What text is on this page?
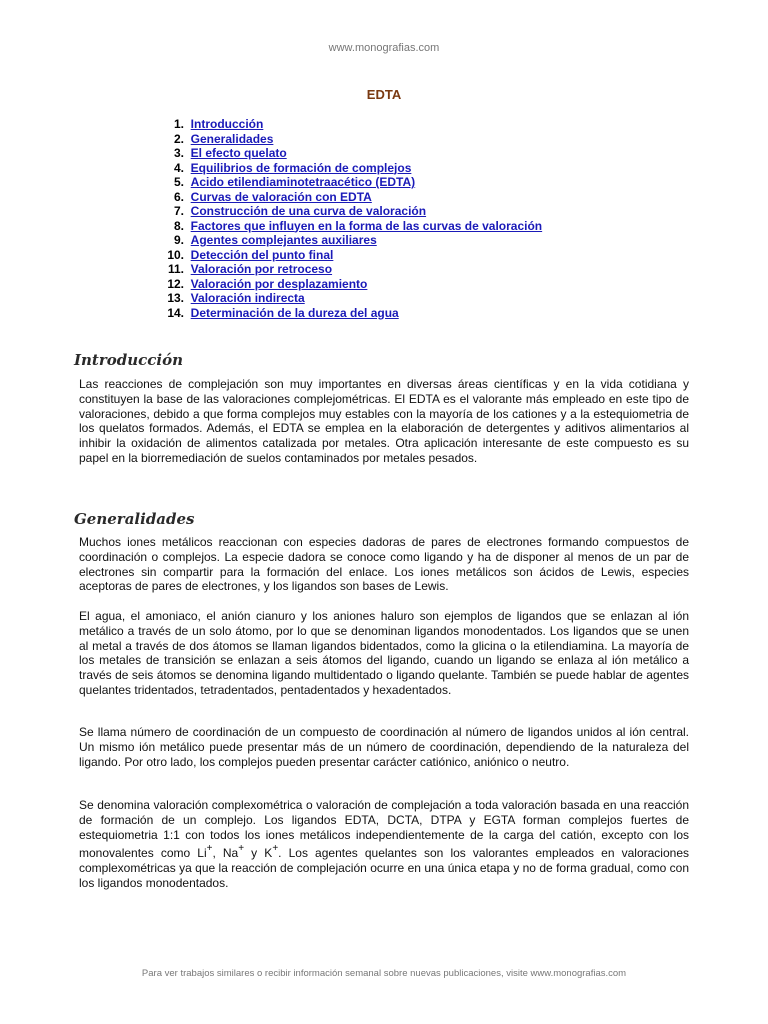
www.monografias.com
EDTA
1.
Introducción
2.
Generalidades
3.
El efecto quelato
4.
Equilibrios de formación de complejos
5.
Acido etilendiaminotetraacético (EDTA)
6.
Curvas de valoración con EDTA
7.
Construcción de una curva de valoración
8.
Factores que influyen en la forma de las curvas de valoración
9.
Agentes complejantes auxiliares
10.
Detección del punto final
11.
Valoración por retroceso
12.
Valoración por desplazamiento
13.
Valoración indirecta
14.
Determinación de la dureza del agua
Introducción

Las reacciones de complejación son muy importantes en diversas áreas científicas y en la vida cotidiana y constituyen la base de las valoraciones complejométricas. El EDTA es el valorante más empleado en este tipo de valoraciones, debido a que forma complejos muy estables con la mayoría de los cationes y a la estequiometria de los quelatos formados. Además, el EDTA se emplea en la elaboración de detergentes y aditivos alimentarios al inhibir la oxidación de alimentos catalizada por metales. Otra aplicación interesante de este compuesto es su papel en la biorremediación de suelos contaminados por metales pesados.

Generalidades

Muchos iones metálicos reaccionan con especies dadoras de pares de electrones formando compuestos de coordinación o complejos. La especie dadora se conoce como ligando y ha de disponer al menos de un par de electrones sin compartir para la formación del enlace. Los iones metálicos son ácidos de Lewis, especies aceptoras de pares de electrones, y los ligandos son bases de Lewis.

El agua, el amoniaco, el anión cianuro y los aniones haluro son ejemplos de ligandos que se enlazan al ión metálico a través de un solo átomo, por lo que se denominan ligandos monodentados. Los ligandos que se unen al metal a través de dos átomos se llaman ligandos bidentados, como la glicina o la etilendiamina. La mayoría de los metales de transición se enlazan a seis átomos del ligando, cuando un ligando se enlaza al ión metálico a través de seis átomos se denomina ligando multidentado o ligando quelante. También se puede hablar de agentes quelantes tridentados, tetradentados, pentadentados y hexadentados.

Se llama número de coordinación de un compuesto de coordinación al número de ligandos unidos al ión central. Un mismo ión metálico puede presentar más de un número de coordinación, dependiendo de la naturaleza del ligando. Por otro lado, los complejos pueden presentar carácter catiónico, aniónico o neutro.

Se denomina valoración complexométrica o valoración de complejación a toda valoración basada en una reacción de formación de un complejo. Los ligandos EDTA, DCTA, DTPA y EGTA forman complejos fuertes de estequiometria 1:1 con todos los iones metálicos independientemente de la carga del catión, excepto con los monovalentes como Li+, Na+ y K+. Los agentes quelantes son los valorantes empleados en valoraciones complexométricas ya que la reacción de complejación ocurre en una única etapa y no de forma gradual, como con los ligandos monodentados.

Para ver trabajos similares o recibir información semanal sobre nuevas publicaciones, visite www.monografias.com
